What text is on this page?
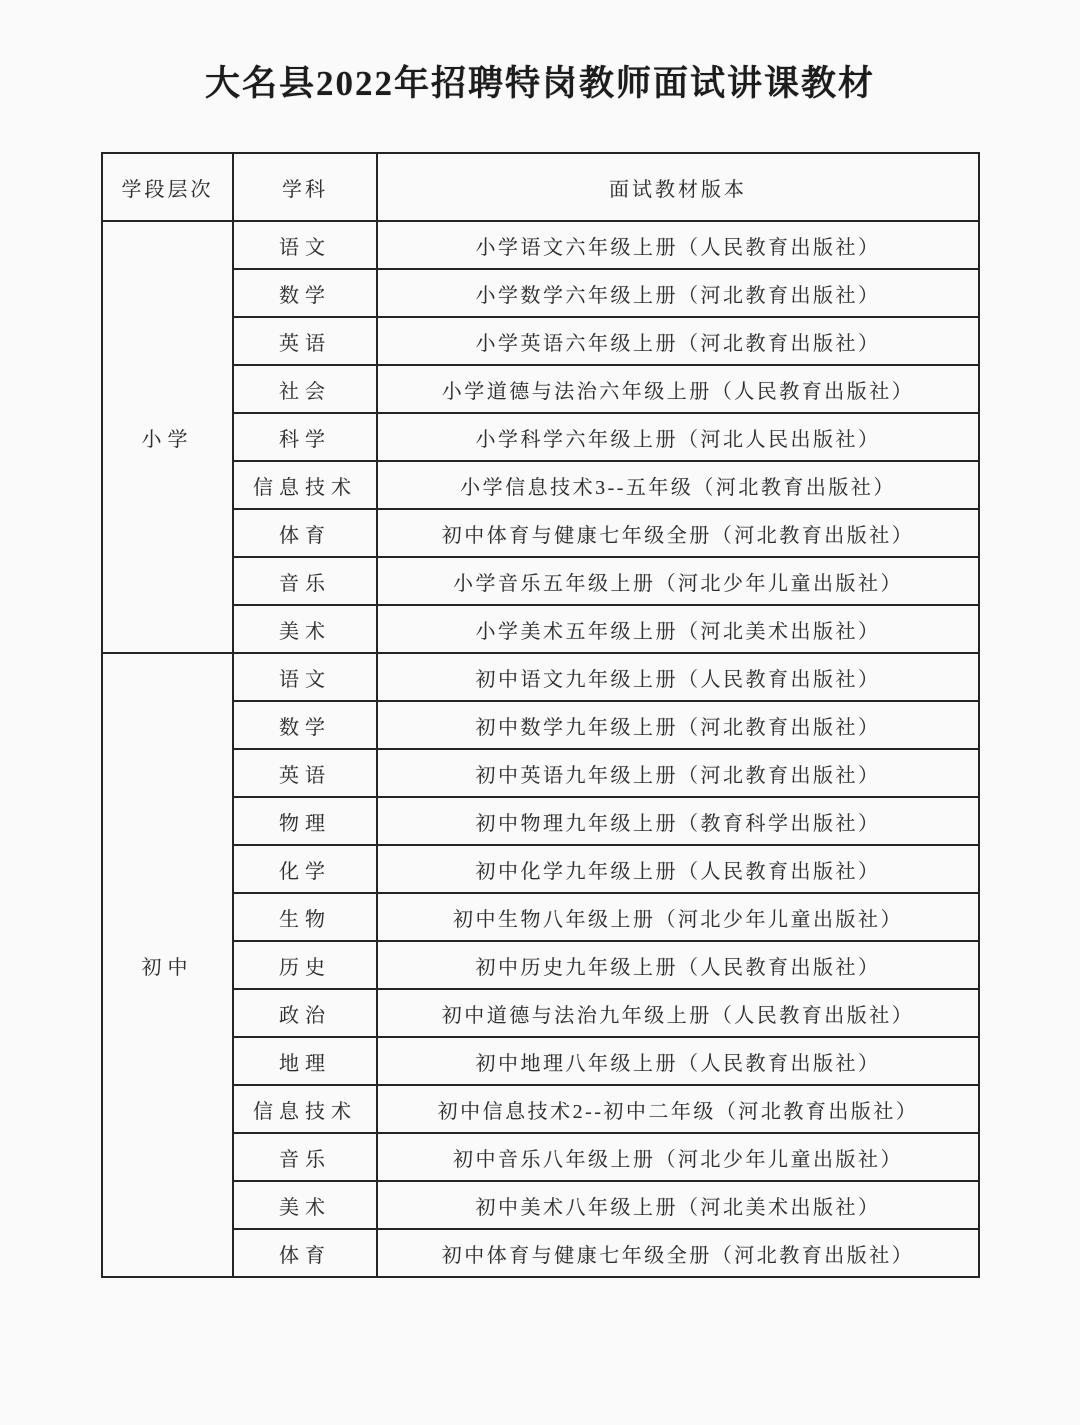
大名县2022年招聘特岗教师面试讲课教材
学段层次	学科	面试教材版本
小学	语文	小学语文六年级上册（人民教育出版社）
	数学	小学数学六年级上册（河北教育出版社）
	英语	小学英语六年级上册（河北教育出版社）
	社会	小学道德与法治六年级上册（人民教育出版社）
	科学	小学科学六年级上册（河北人民出版社）
	信息技术	小学信息技术3--五年级（河北教育出版社）
	体育	初中体育与健康七年级全册（河北教育出版社）
	音乐	小学音乐五年级上册（河北少年儿童出版社）
	美术	小学美术五年级上册（河北美术出版社）
初中	语文	初中语文九年级上册（人民教育出版社）
	数学	初中数学九年级上册（河北教育出版社）
	英语	初中英语九年级上册（河北教育出版社）
	物理	初中物理九年级上册（教育科学出版社）
	化学	初中化学九年级上册（人民教育出版社）
	生物	初中生物八年级上册（河北少年儿童出版社）
	历史	初中历史九年级上册（人民教育出版社）
	政治	初中道德与法治九年级上册（人民教育出版社）
	地理	初中地理八年级上册（人民教育出版社）
	信息技术	初中信息技术2--初中二年级（河北教育出版社）
	音乐	初中音乐八年级上册（河北少年儿童出版社）
	美术	初中美术八年级上册（河北美术出版社）
	体育	初中体育与健康七年级全册（河北教育出版社）
